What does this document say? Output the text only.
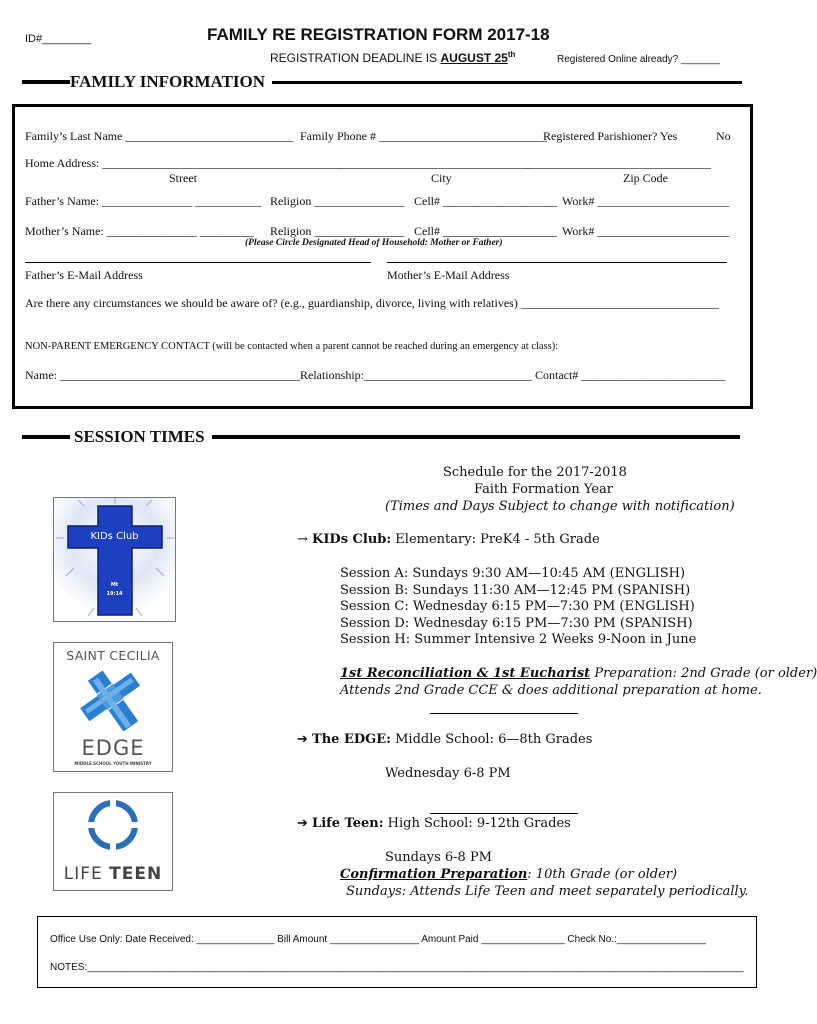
ID#________	FAMILY RE REGISTRATION FORM 2017-18
REGISTRATION DEADLINE IS AUGUST 25th	Registered Online already? _______
FAMILY INFORMATION
Family’s Last Name ____________________________ Family Phone # ____________________________
Registered Parishioner? Yes	No
Home Address: ________________________________________
________________________________
_______________________________
Street	City	Zip Code
Father’s Name: _______________ ___________ Religion _______________ Cell# ___________________ Work# ______________________
Mother’s Name: _______________ _________ Religion _______________ Cell# ___________________ Work# ______________________
(Please Circle Designated Head of Household: Mother or Father)
Father’s E-Mail Address	Mother’s E-Mail Address
Are there any circumstances we should be aware of? (e.g., guardianship, divorce, living with relatives) _________________________________
NON-PARENT EMERGENCY CONTACT (will be contacted when a parent cannot be reached during an emergency at class):
Name: ________________________________________Relationship:____________________________ Contact# ________________________
SESSION TIMES
Schedule for the 2017-2018
Faith Formation Year
(Times and Days Subject to change with notification)
KIDs Club
Mt
19:14
→ KIDs Club: Elementary: PreK4 - 5th Grade
Session A: Sundays 9:30 AM—10:45 AM (ENGLISH)
Session B: Sundays 11:30 AM—12:45 PM (SPANISH)
Session C: Wednesday 6:15 PM—7:30 PM (ENGLISH)
Session D: Wednesday 6:15 PM—7:30 PM (SPANISH)
Session H: Summer Intensive 2 Weeks 9-Noon in June
1st Reconciliation & 1st Eucharist Preparation: 2nd Grade (or older)
Attends 2nd Grade CCE & does additional preparation at home.
SAINT CECILIA
EDGE
MIDDLE SCHOOL YOUTH MINISTRY
➔ The EDGE: Middle School: 6—8th Grades
Wednesday 6-8 PM
LIFE TEEN
➔ Life Teen: High School: 9-12th Grades
Sundays 6-8 PM
Confirmation Preparation: 10th Grade (or older)
Sundays: Attends Life Teen and meet separately periodically.
Office Use Only: Date Received: ______________ Bill Amount ________________ Amount Paid _______________ Check No.:________________
NOTES:______________________________________________________________________________________________________________________
